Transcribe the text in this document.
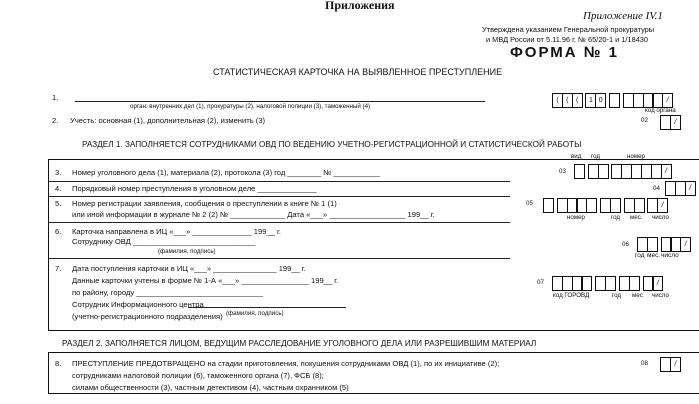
Приложения
Приложение IV.1
Утверждена указанием Генеральной прокуратуры
и МВД России от 5.11.96 г. № 65/20-1 и 1/18430
ФОРМА № 1
СТАТИСТИЧЕСКАЯ КАРТОЧКА НА ВЫЯВЛЕННОЕ ПРЕСТУПЛЕНИЕ
1.
орган: внутренних дел (1), прокуратуры (2), налоговой полиции (3), таможенный (4)
(	(	(	1 0	/
код органа
2. Учесть: основная (1), дополнительная (2), изменить (3)	02	/
РАЗДЕЛ 1. ЗАПОЛНЯЕТСЯ СОТРУДНИКАМИ ОВД ПО ВЕДЕНИЮ УЧЕТНО-РЕГИСТРАЦИОННОЙ И СТАТИСТИЧЕСКОЙ РАБОТЫ
вид год	номер
3. Номер уголовного дела (1), материала (2), протокола (3) год ________ № ___________	03	/
4. Порядковый номер преступления в уголовном деле ______________	04	/
5. Номер регистрации заявления, сообщения о преступлении в книге № 1 (1)
или иной информации в журнале № 2 (2) № _____________ Дата «___» __________________ 199__ г.
05	/
номер	год мес. число
6. Карточка направлена в ИЦ «___» ______________ 199__ г.
Сотруднику ОВД _____________________________
(фамилия, подпись)
06	/
год мес. число
7. Дата поступления карточки в ИЦ «___» _______________ 199__ г.
Данные карточки учтены в форме № 1-А «___» ________________ 199__ г.
по району, городу ______________________________
Сотрудник Информационного центра
(учетно-регистрационного подразделения) (фамилия, подпись)
07	/
код ГОРОВД	год мес число
РАЗДЕЛ 2. ЗАПОЛНЯЕТСЯ ЛИЦОМ, ВЕДУЩИМ РАССЛЕДОВАНИЕ УГОЛОВНОГО ДЕЛА ИЛИ РАЗРЕШИВШИМ МАТЕРИАЛ
8. ПРЕСТУПЛЕНИЕ ПРЕДОТВРАЩЕНО на стадии приготовления, покушения сотрудниками ОВД (1), по их инициативе (2);
сотрудниками налоговой полиции (6), таможенного органа (7), ФСБ (8);
силами общественности (3), частным детективом (4), частным охранником (5)
08	/
